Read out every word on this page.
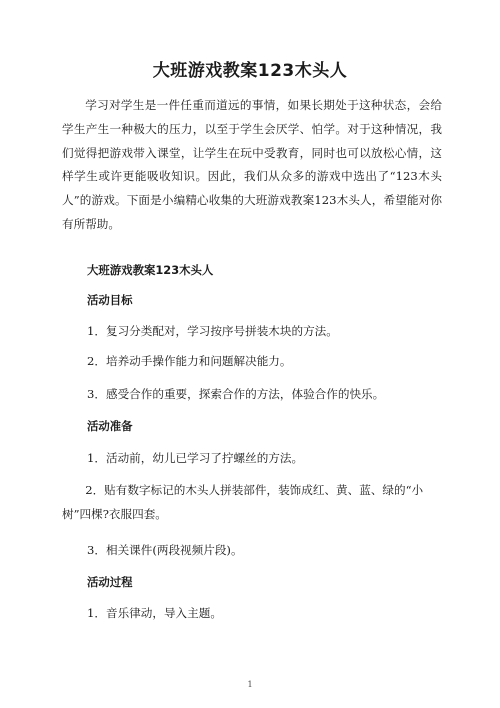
大班游戏教案123木头人

学习对学生是一件任重而道远的事情，如果长期处于这种状态，会给学生产生一种极大的压力，以至于学生会厌学、怕学。对于这种情况，我们觉得把游戏带入课堂，让学生在玩中受教育，同时也可以放松心情，这样学生或许更能吸收知识。因此，我们从众多的游戏中选出了“123木头人”的游戏。下面是小编精心收集的大班游戏教案123木头人，希望能对你有所帮助。

大班游戏教案123木头人
活动目标
1．复习分类配对，学习按序号拼装木块的方法。
2．培养动手操作能力和问题解决能力。
3．感受合作的重要，探索合作的方法，体验合作的快乐。
活动准备
1．活动前，幼儿已学习了拧螺丝的方法。

2．贴有数字标记的木头人拼装部件，装饰成红、黄、蓝、绿的“小树”四棵?衣服四套。

3．相关课件(两段视频片段)。
活动过程
1．音乐律动，导入主题。
1
